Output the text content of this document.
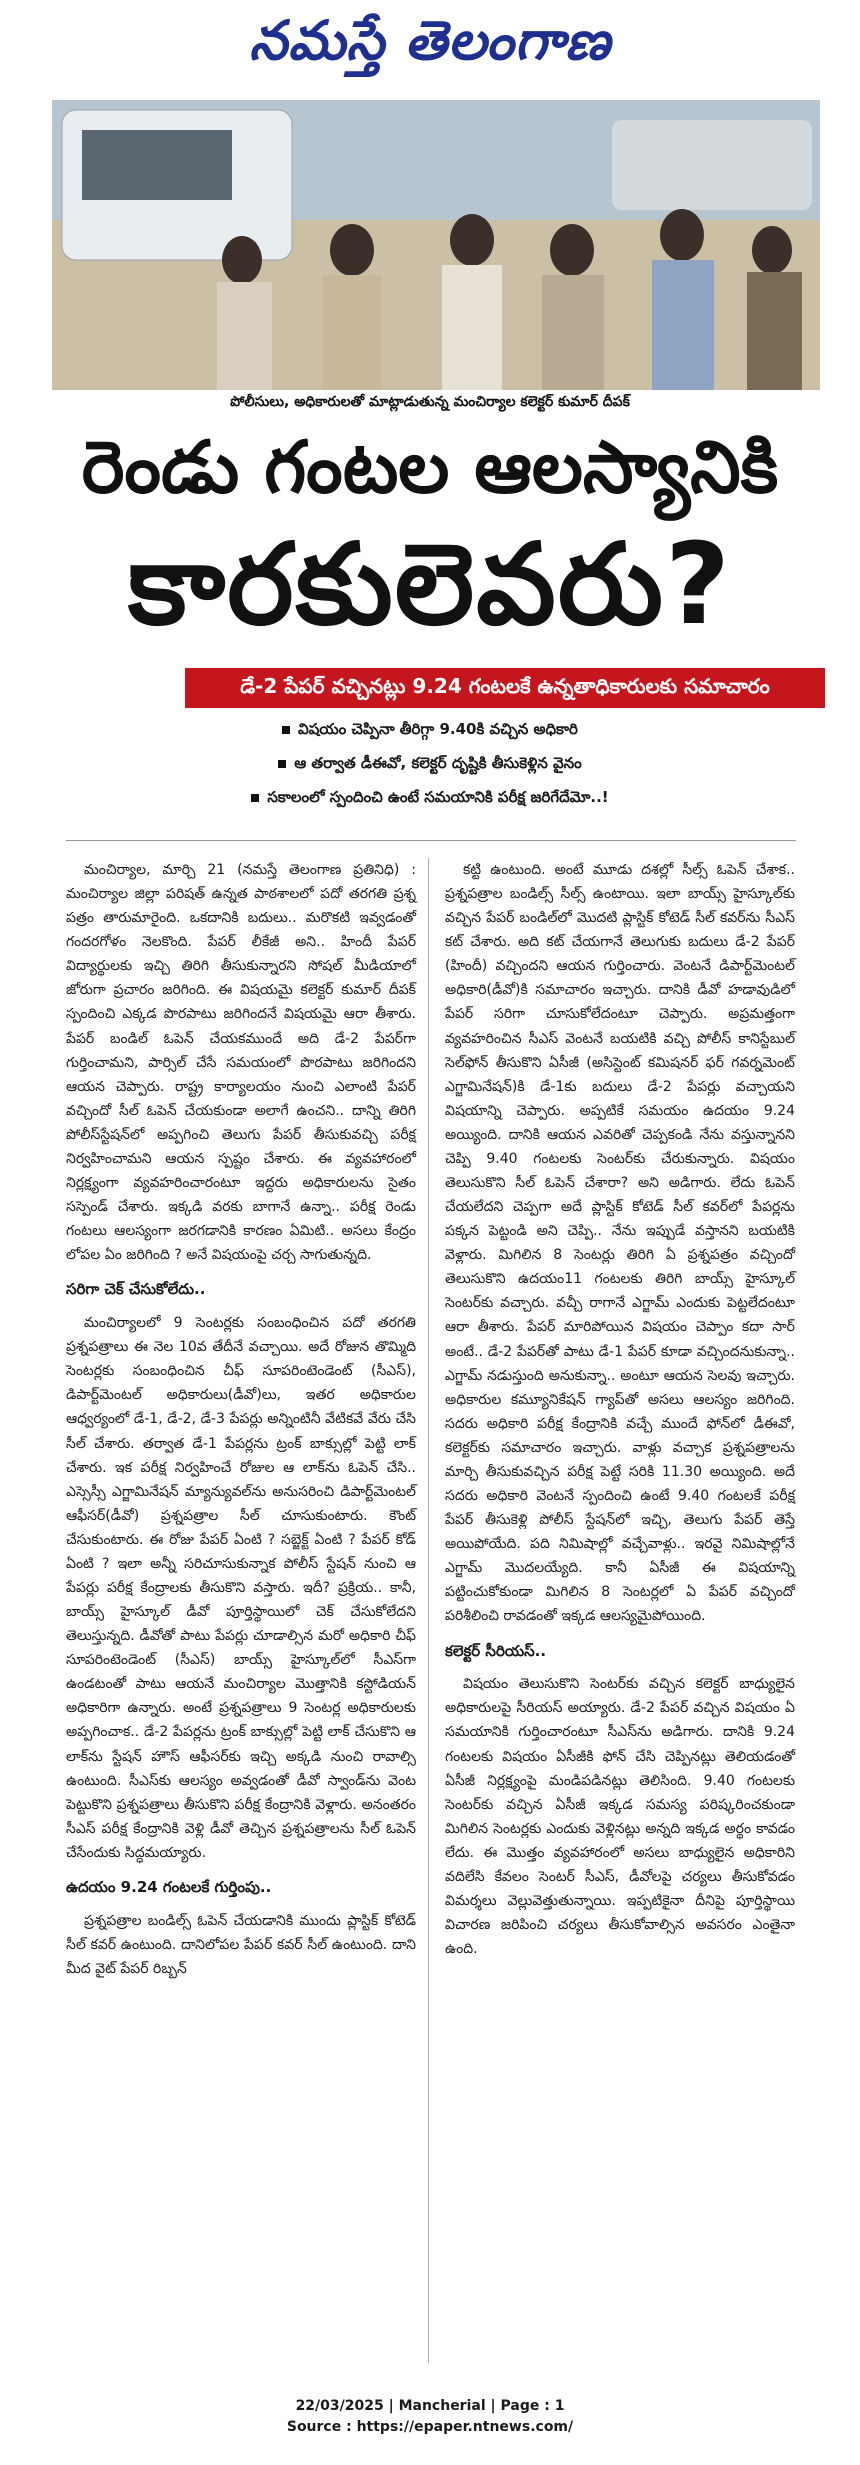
నమస్తే తెలంగాణ
పోలీసులు, అధికారులతో మాట్లాడుతున్న మంచిర్యాల కలెక్టర్ కుమార్ దీపక్
రెండు గంటల ఆలస్యానికి
కారకులెవరు?
డే-2 పేపర్ వచ్చినట్లు 9.24 గంటలకే ఉన్నతాధికారులకు సమాచారం
విషయం చెప్పినా తీరిగ్గా 9.40కి వచ్చిన అధికారి
ఆ తర్వాత డీఈవో, కలెక్టర్ దృష్టికి తీసుకెళ్లిన వైనం
సకాలంలో స్పందించి ఉంటే సమయానికి పరీక్ష జరిగేదేమో..!

మంచిర్యాల, మార్చి 21 (నమస్తే తెలంగాణ ప్రతినిధి) : మంచిర్యాల జిల్లా పరిషత్ ఉన్నత పాఠశాలలో పదో తరగతి ప్రశ్న పత్రం తారుమారైంది. ఒకదానికి బదులు.. మరొకటి ఇవ్వడంతో గందరగోళం నెలకొంది. పేపర్ లీకేజీ అని.. హిందీ పేపర్ విద్యార్థులకు ఇచ్చి తిరిగి తీసుకున్నారని సోషల్ మీడియాలో జోరుగా ప్రచారం జరిగింది. ఈ విషయమై కలెక్టర్ కుమార్ దీపక్ స్పందించి ఎక్కడ పొరపాటు జరిగిందనే విషయమై ఆరా తీశారు. పేపర్ బండిల్ ఓపెన్ చేయకముందే అది డే-2 పేపర్‌గా గుర్తించామని, పార్సిల్ చేసే సమయంలో పొరపాటు జరిగిందని ఆయన చెప్పారు. రాష్ట్ర కార్యాలయం నుంచి ఎలాంటి పేపర్ వచ్చిందో సీల్ ఓపెన్ చేయకుండా అలాగే ఉంచని.. దాన్ని తిరిగి పోలీస్‌స్టేషన్‌లో అప్పగించి తెలుగు పేపర్ తీసుకువచ్చి పరీక్ష నిర్వహించామని ఆయన స్పష్టం చేశారు. ఈ వ్యవహారంలో నిర్లక్ష్యంగా వ్యవహరించారంటూ ఇద్దరు అధికారులను సైతం సస్పెండ్ చేశారు. ఇక్కడి వరకు బాగానే ఉన్నా.. పరీక్ష రెండు గంటలు ఆలస్యంగా జరగడానికి కారణం ఏమిటి.. అసలు కేంద్రం లోపల ఏం జరిగింది ? అనే విషయంపై చర్చ సాగుతున్నది.

సరిగా చెక్ చేసుకోలేదు..

మంచిర్యాలలో 9 సెంటర్లకు సంబంధించిన పదో తరగతి ప్రశ్నపత్రాలు ఈ నెల 10వ తేదీనే వచ్చాయి. అదే రోజున తొమ్మిది సెంటర్లకు సంబంధించిన చీఫ్ సూపరింటెండెంట్ (సీఎస్), డిపార్ట్‌మెంటల్ అధికారులు(డీవో)లు, ఇతర అధికారుల ఆధ్వర్యంలో డే-1, డే-2, డే-3 పేపర్లు అన్నింటినీ వేటికవే వేరు చేసి సీల్ చేశారు. తర్వాత డే-1 పేపర్లను ట్రంక్ బాక్సుల్లో పెట్టి లాక్ చేశారు. ఇక పరీక్ష నిర్వహించే రోజుల ఆ లాక్‌ను ఓపెన్ చేసి.. ఎస్సెస్సీ ఎగ్జామినేషన్ మ్యాన్యువల్‌ను అనుసరించి డిపార్ట్‌మెంటల్ ఆఫీసర్(డీవో) ప్రశ్నపత్రాల సీల్ చూసుకుంటారు. కౌంట్ చేసుకుంటారు. ఈ రోజు పేపర్ ఏంటి ? సబ్జెక్ట్ ఏంటి ? పేపర్ కోడ్ ఏంటి ? ఇలా అన్నీ సరిచూసుకున్నాక పోలీస్ స్టేషన్ నుంచి ఆ పేపర్లు పరీక్ష కేంద్రాలకు తీసుకొని వస్తారు. ఇదీ? ప్రక్రియ.. కానీ, బాయ్స్ హైస్కూల్ డీవో పూర్తిస్థాయిలో చెక్ చేసుకోలేదని తెలుస్తున్నది. డీవోతో పాటు పేపర్లు చూడాల్సిన మరో అధికారి చీఫ్ సూపరింటెండెంట్ (సీఎస్) బాయ్స్ హైస్కూల్‌లో సీఎస్‌గా ఉండటంతో పాటు ఆయనే మంచిర్యాల మొత్తానికి కస్టోడియన్ అధికారిగా ఉన్నారు. అంటే ప్రశ్నపత్రాలు 9 సెంటర్ల అధికారులకు అప్పగించాక.. డే-2 పేపర్లను ట్రంక్ బాక్సుల్లో పెట్టి లాక్ చేసుకొని ఆ లాక్‌ను స్టేషన్ హౌస్ ఆఫీసర్‌కు ఇచ్చి అక్కడి నుంచి రావాల్సి ఉంటుంది. సీఎస్‌కు ఆలస్యం అవ్వడంతో డీవో స్వాండ్‌ను వెంట పెట్టుకొని ప్రశ్నపత్రాలు తీసుకొని పరీక్ష కేంద్రానికి వెళ్లారు. అనంతరం సీఎస్ పరీక్ష కేంద్రానికి వెళ్లి డీవో తెచ్చిన ప్రశ్నపత్రాలను సీల్ ఓపెన్ చేసేందుకు సిద్ధమయ్యారు.

ఉదయం 9.24 గంటలకే గుర్తింపు..

ప్రశ్నపత్రాల బండిల్స్ ఓపెన్ చేయడానికి ముందు ప్లాస్టిక్ కోటెడ్ సీల్ కవర్ ఉంటుంది. దానిలోపల పేపర్ కవర్ సీల్ ఉంటుంది. దాని మీద వైట్ పేపర్ రిబ్బన్

కట్టి ఉంటుంది. అంటే మూడు దశల్లో సీల్స్ ఓపెన్ చేశాక.. ప్రశ్నపత్రాల బండిల్స్ సీల్స్ ఉంటాయి. ఇలా బాయ్స్ హైస్కూల్‌కు వచ్చిన పేపర్ బండిల్‌లో మొదటి ప్లాస్టిక్ కోటెడ్ సీల్ కవర్‌ను సీఎస్ కట్ చేశారు. అది కట్ చేయగానే తెలుగుకు బదులు డే-2 పేపర్ (హిందీ) వచ్చిందని ఆయన గుర్తించారు. వెంటనే డిపార్ట్‌మెంటల్ అధికారి(డీవో)కి సమాచారం ఇచ్చారు. దానికి డీవో హడావుడిలో పేపర్ సరిగా చూసుకోలేదంటూ చెప్పారు. అప్రమత్తంగా వ్యవహరించిన సీఎస్ వెంటనే బయటికి వచ్చి పోలీస్ కానిస్టేబుల్ సెల్‌ఫోన్ తీసుకొని ఏసీజీ (అసిస్టెంట్ కమిషనర్ ఫర్ గవర్నమెంట్ ఎగ్జామినేషన్)కి డే-1కు బదులు డే-2 పేపర్లు వచ్చాయని విషయాన్ని చెప్పారు. అప్పటికే సమయం ఉదయం 9.24 అయ్యింది. దానికి ఆయన ఎవరితో చెప్పకండి నేను వస్తున్నానని చెప్పి 9.40 గంటలకు సెంటర్‌కు చేరుకున్నారు. విషయం తెలుసుకొని సీల్ ఓపెన్ చేశారా? అని అడిగారు. లేదు ఓపెన్ చేయలేదని చెప్పగా అదే ప్లాస్టిక్ కోటెడ్ సీల్ కవర్‌లో పేపర్లను పక్కన పెట్టండి అని చెప్పి.. నేను ఇప్పుడే వస్తానని బయటికి వెళ్లారు. మిగిలిన 8 సెంటర్లు తిరిగి ఏ ప్రశ్నపత్రం వచ్చిందో తెలుసుకొని ఉదయం11 గంటలకు తిరిగి బాయ్స్ హైస్కూల్ సెంటర్‌కు వచ్చారు. వచ్చీ రాగానే ఎగ్జామ్ ఎందుకు పెట్టలేదంటూ ఆరా తీశారు. పేపర్ మారిపోయిన విషయం చెప్పాం కదా సార్ అంటే.. డే-2 పేపర్‌తో పాటు డే-1 పేపర్ కూడా వచ్చిందనుకున్నా.. ఎగ్జామ్ నడుస్తుంది అనుకున్నా.. అంటూ ఆయన సెలవు ఇచ్చారు. అధికారుల కమ్యూనికేషన్ గ్యాప్‌తో అసలు ఆలస్యం జరిగింది. సదరు అధికారి పరీక్ష కేంద్రానికి వచ్చే ముందే ఫోన్‌లో డీఈవో, కలెక్టర్‌కు సమాచారం ఇచ్చారు. వాళ్లు వచ్చాక ప్రశ్నపత్రాలను మార్చి తీసుకువచ్చిన పరీక్ష పెట్టే సరికి 11.30 అయ్యింది. అదే సదరు అధికారి వెంటనే స్పందించి ఉంటే 9.40 గంటలకే పరీక్ష పేపర్ తీసుకెళ్లి పోలీస్ స్టేషన్‌లో ఇచ్చి, తెలుగు పేపర్ తెస్తే అయిపోయేది. పది నిమిషాల్లో వచ్చేవాళ్లు.. ఇరవై నిమిషాల్లోనే ఎగ్జామ్ మొదలయ్యేది. కానీ ఏసీజీ ఈ విషయాన్ని పట్టించుకోకుండా మిగిలిన 8 సెంటర్లలో ఏ పేపర్ వచ్చిందో పరిశీలించి రావడంతో ఇక్కడ ఆలస్యమైపోయింది.

కలెక్టర్ సీరియస్..

విషయం తెలుసుకొని సెంటర్‌కు వచ్చిన కలెక్టర్ బాధ్యులైన అధికారులపై సీరియస్ అయ్యారు. డే-2 పేపర్ వచ్చిన విషయం ఏ సమయానికి గుర్తించారంటూ సీఎస్‌ను అడిగారు. దానికి 9.24 గంటలకు విషయం ఏసీజీకి ఫోన్ చేసి చెప్పినట్లు తెలియడంతో ఏసీజీ నిర్లక్ష్యంపై మండిపడినట్లు తెలిసింది. 9.40 గంటలకు సెంటర్‌కు వచ్చిన ఏసీజీ ఇక్కడ సమస్య పరిష్కరించకుండా మిగిలిన సెంటర్లకు ఎందుకు వెళ్లినట్లు అన్నది ఇక్కడ అర్థం కావడం లేదు. ఈ మొత్తం వ్యవహారంలో అసలు బాధ్యులైన అధికారిని వదిలేసి కేవలం సెంటర్ సీఎస్, డీవోలపై చర్యలు తీసుకోవడం విమర్శలు వెల్లువెత్తుతున్నాయి. ఇప్పటికైనా దీనిపై పూర్తిస్థాయి విచారణ జరిపించి చర్యలు తీసుకోవాల్సిన అవసరం ఎంతైనా ఉంది.

22/03/2025 | Mancherial | Page : 1
Source : https://epaper.ntnews.com/
